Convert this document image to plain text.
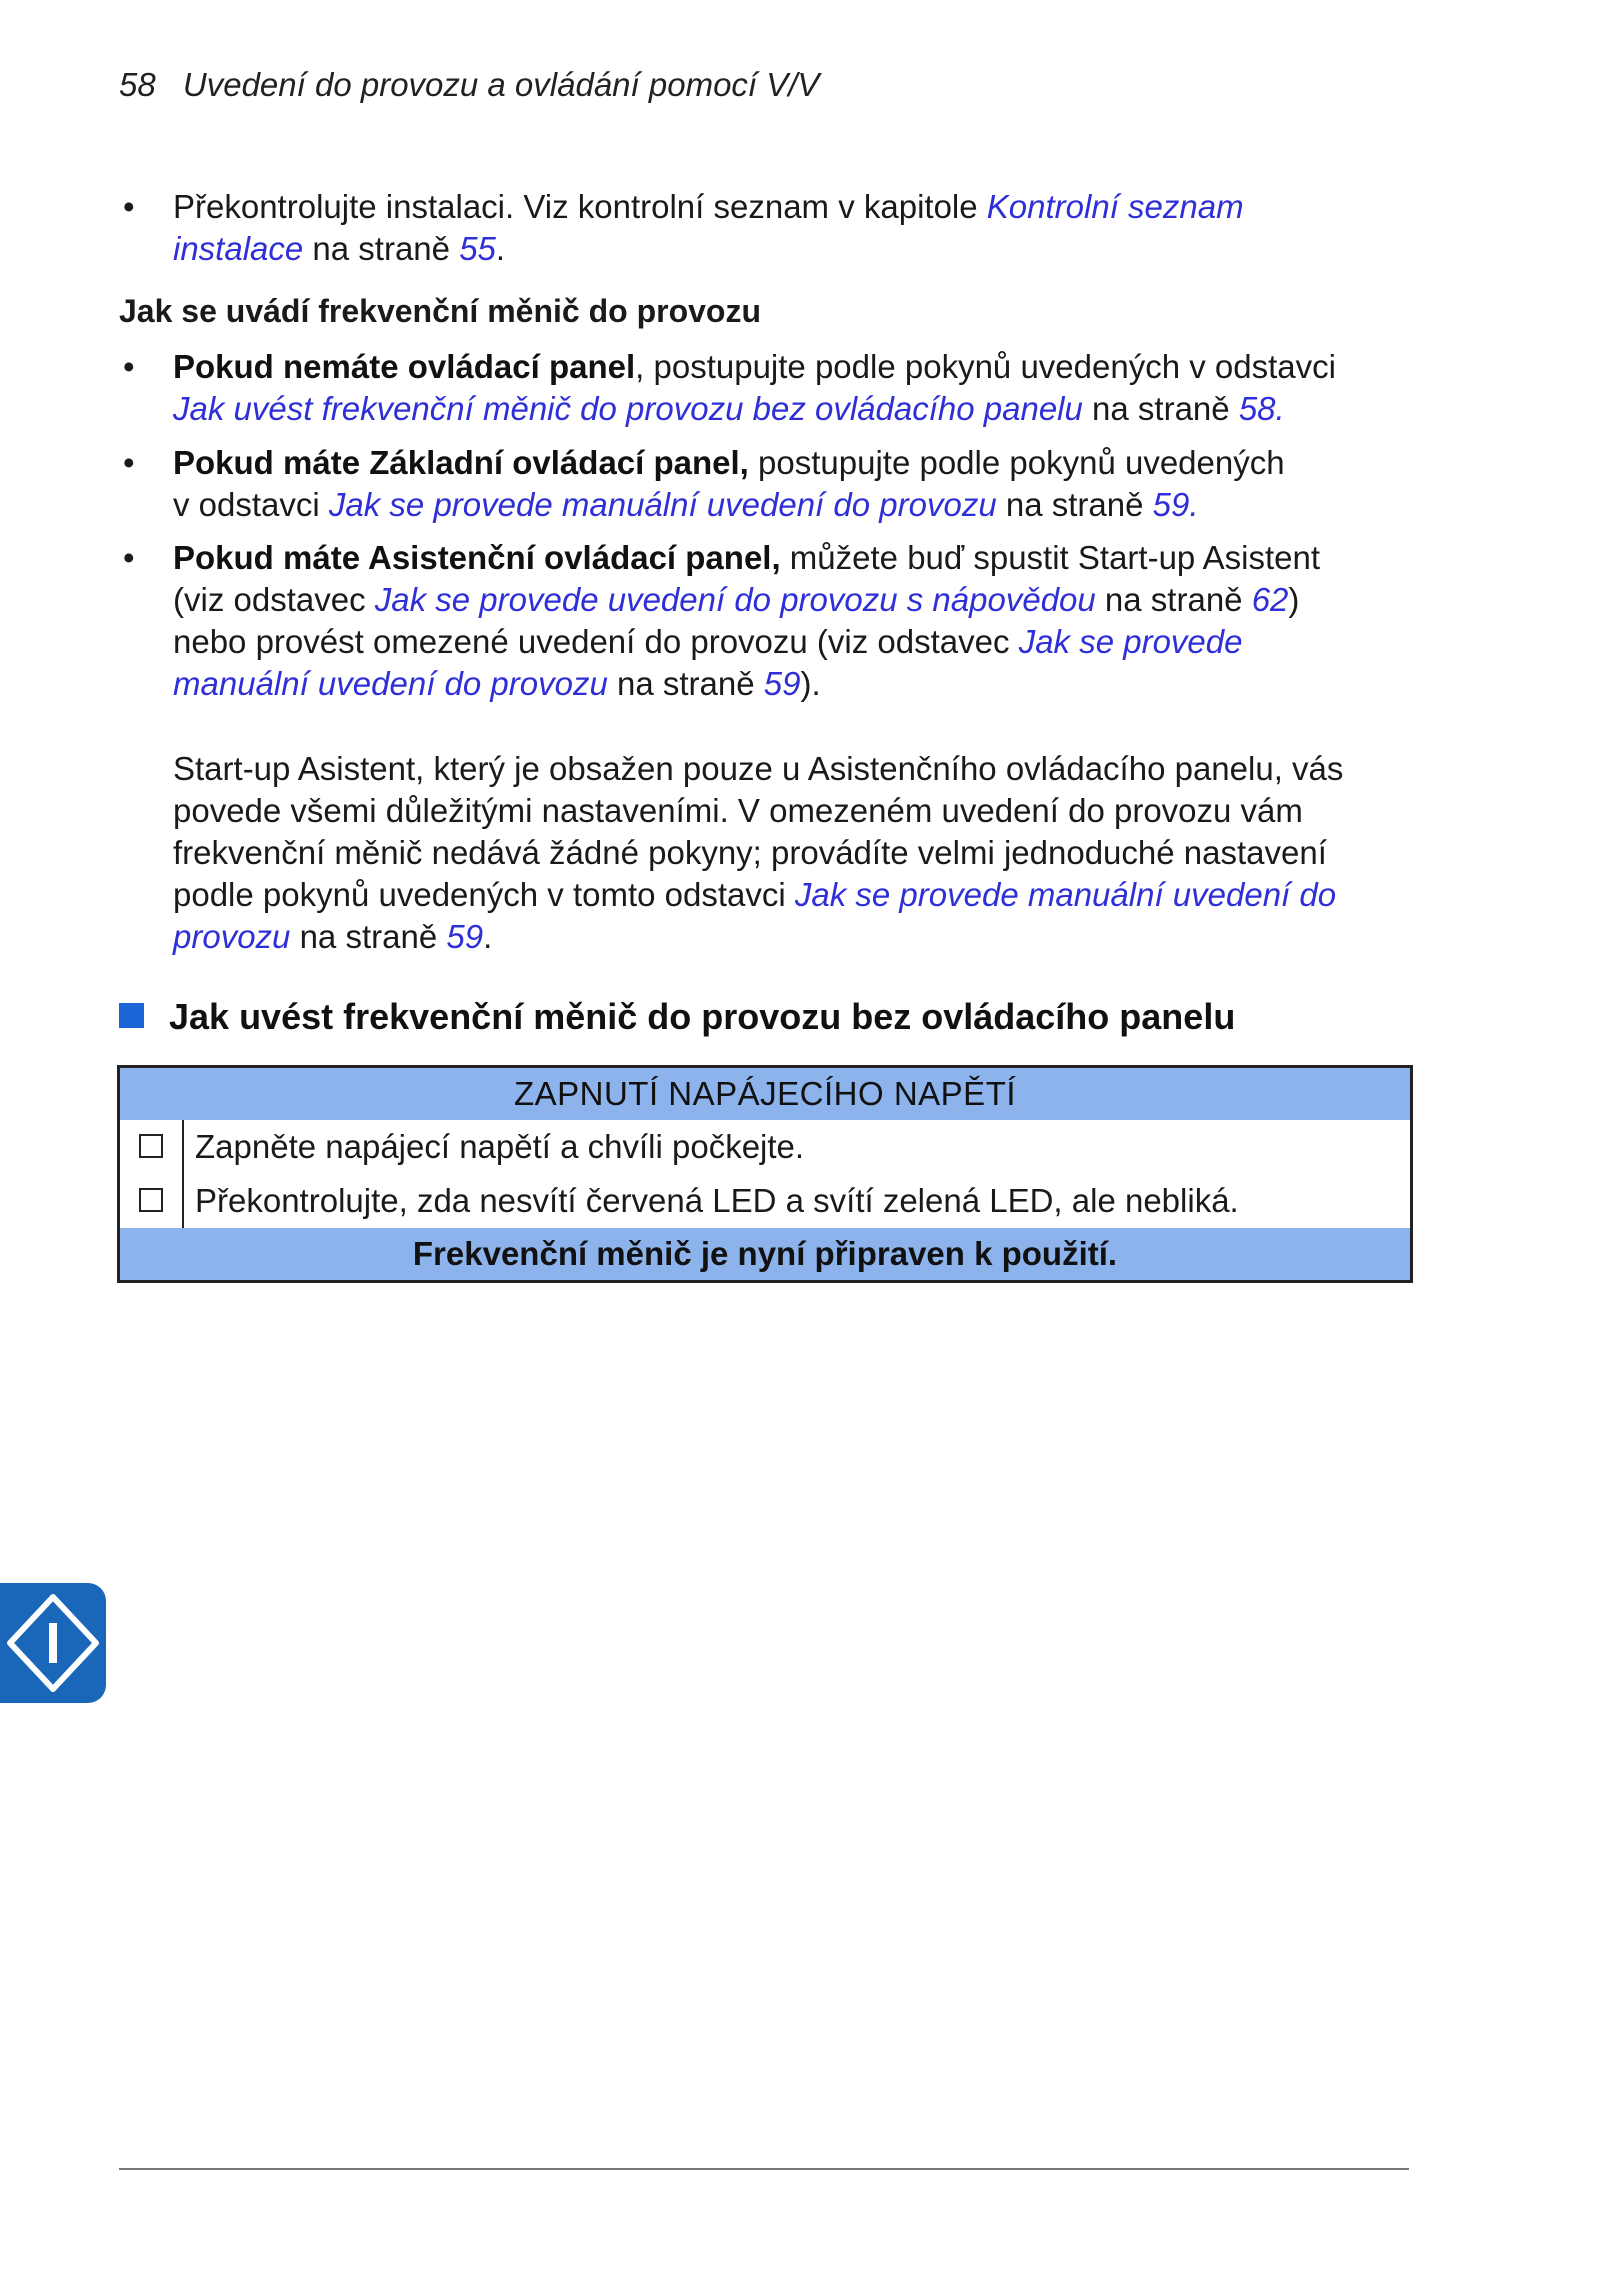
58 Uvedení do provozu a ovládání pomocí V/V
• Překontrolujte instalaci. Viz kontrolní seznam v kapitole Kontrolní seznam
instalace na straně 55.
Jak se uvádí frekvenční měnič do provozu
• Pokud nemáte ovládací panel, postupujte podle pokynů uvedených v odstavci
Jak uvést frekvenční měnič do provozu bez ovládacího panelu na straně 58.
• Pokud máte Základní ovládací panel, postupujte podle pokynů uvedených
v odstavci Jak se provede manuální uvedení do provozu na straně 59.
• Pokud máte Asistenční ovládací panel, můžete buď spustit Start-up Asistent
(viz odstavec Jak se provede uvedení do provozu s nápovědou na straně 62)
nebo provést omezené uvedení do provozu (viz odstavec Jak se provede
manuální uvedení do provozu na straně 59).
Start-up Asistent, který je obsažen pouze u Asistenčního ovládacího panelu, vás
povede všemi důležitými nastaveními. V omezeném uvedení do provozu vám
frekvenční měnič nedává žádné pokyny; provádíte velmi jednoduché nastavení
podle pokynů uvedených v tomto odstavci Jak se provede manuální uvedení do
provozu na straně 59.
Jak uvést frekvenční měnič do provozu bez ovládacího panelu
ZAPNUTÍ NAPÁJECÍHO NAPĚTÍ	
	Zapněte napájecí napětí a chvíli počkejte.
	Překontrolujte, zda nesvítí červená LED a svítí zelená LED, ale nebliká.
Frekvenční měnič je nyní připraven k použití.	
